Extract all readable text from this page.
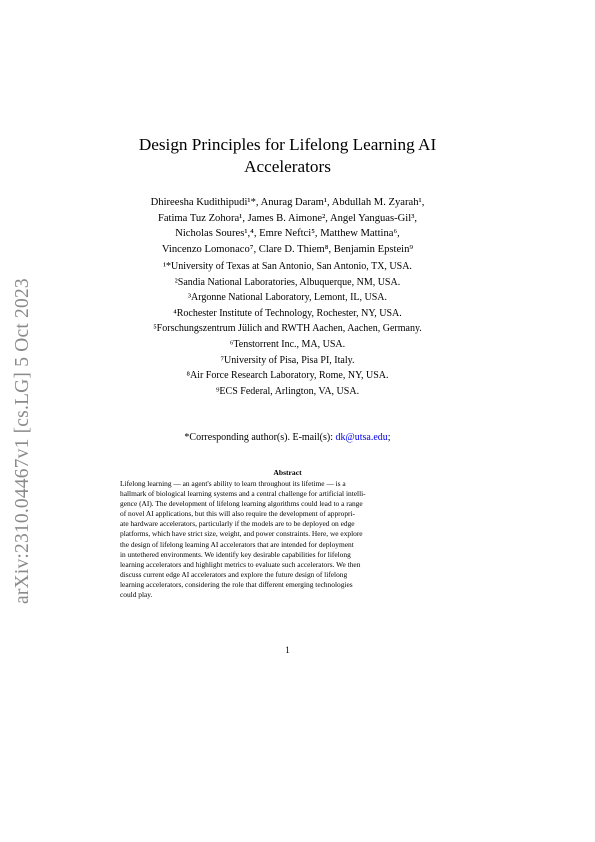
arXiv:2310.04467v1 [cs.LG] 5 Oct 2023
Design Principles for Lifelong Learning AI
Accelerators
Dhireesha Kudithipudi¹*, Anurag Daram¹, Abdullah M. Zyarah¹,
Fatima Tuz Zohora¹, James B. Aimone², Angel Yanguas-Gil³,
Nicholas Soures¹,⁴, Emre Neftci⁵, Matthew Mattina⁶,
Vincenzo Lomonaco⁷, Clare D. Thiem⁸, Benjamin Epstein⁹
¹*University of Texas at San Antonio, San Antonio, TX, USA.
²Sandia National Laboratories, Albuquerque, NM, USA.
³Argonne National Laboratory, Lemont, IL, USA.
⁴Rochester Institute of Technology, Rochester, NY, USA.
⁵Forschungszentrum Jülich and RWTH Aachen, Aachen, Germany.
⁶Tenstorrent Inc., MA, USA.
⁷University of Pisa, Pisa PI, Italy.
⁸Air Force Research Laboratory, Rome, NY, USA.
⁹ECS Federal, Arlington, VA, USA.
*Corresponding author(s). E-mail(s): dk@utsa.edu;
Abstract
Lifelong learning — an agent's ability to learn throughout its lifetime — is a
hallmark of biological learning systems and a central challenge for artificial intelli-
gence (AI). The development of lifelong learning algorithms could lead to a range
of novel AI applications, but this will also require the development of appropri-
ate hardware accelerators, particularly if the models are to be deployed on edge
platforms, which have strict size, weight, and power constraints. Here, we explore
the design of lifelong learning AI accelerators that are intended for deployment
in untethered environments. We identify key desirable capabilities for lifelong
learning accelerators and highlight metrics to evaluate such accelerators. We then
discuss current edge AI accelerators and explore the future design of lifelong
learning accelerators, considering the role that different emerging technologies
could play.
1
